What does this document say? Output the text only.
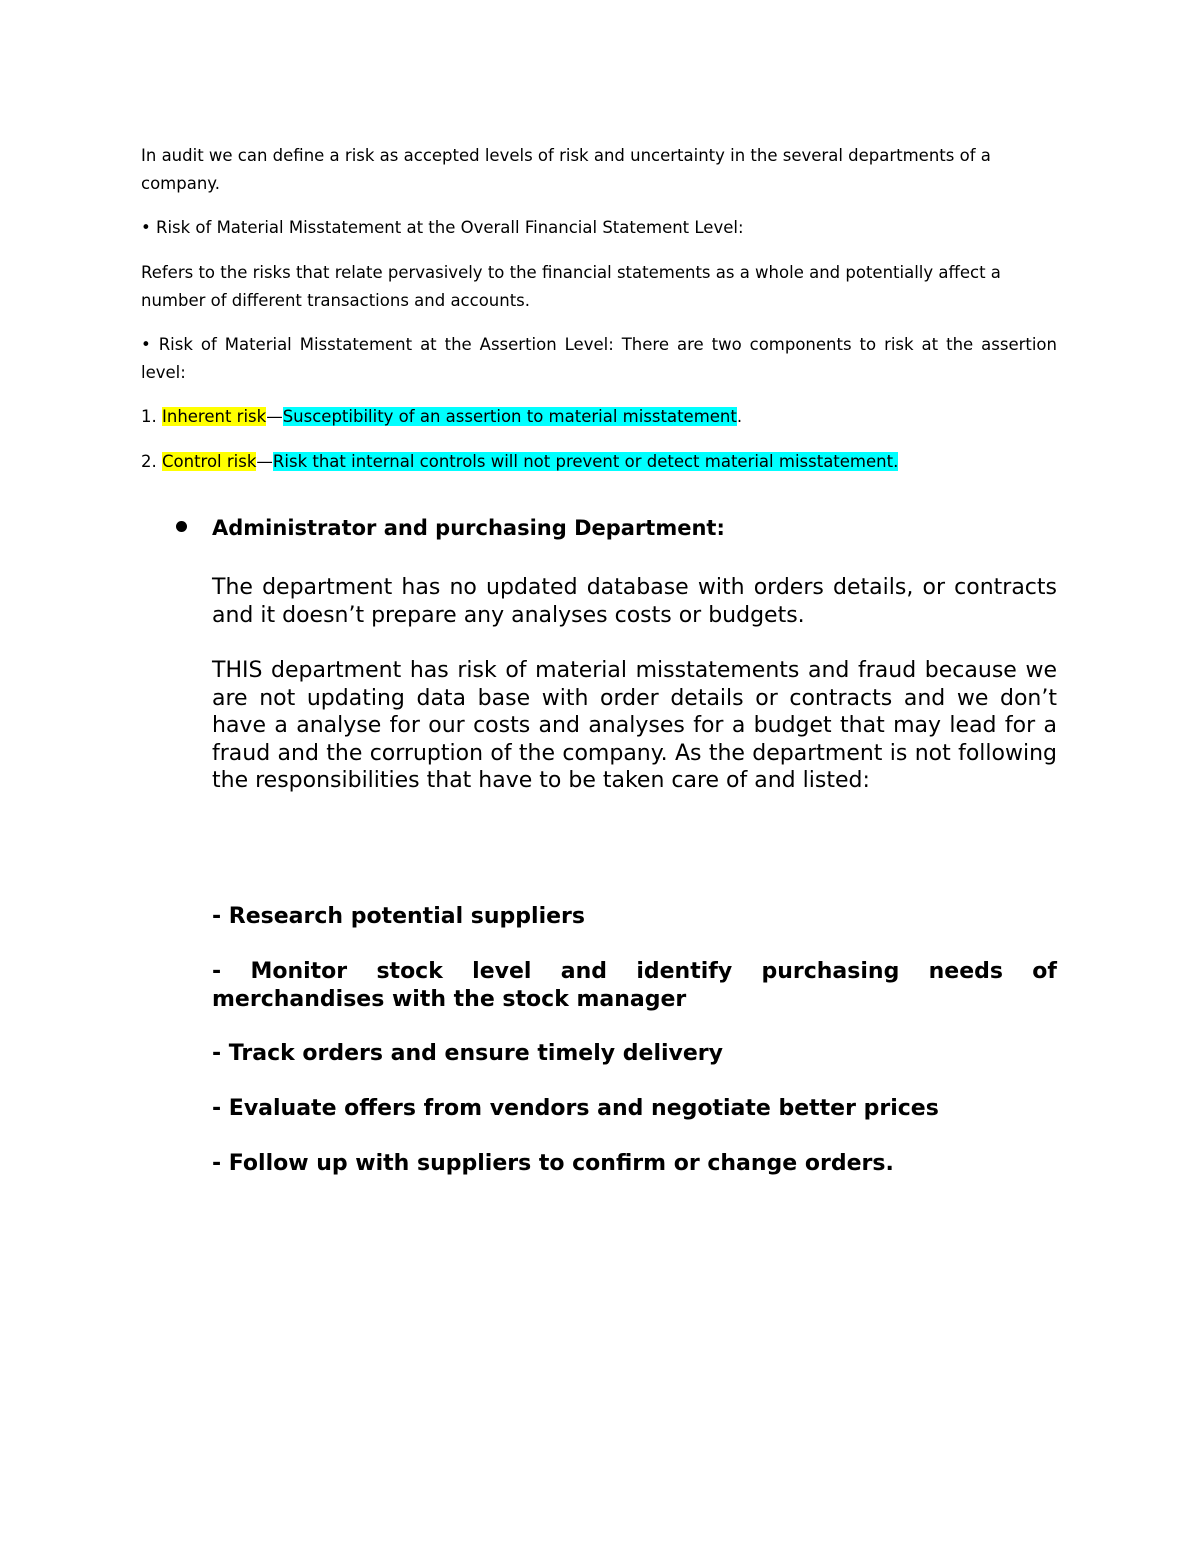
In audit we can define a risk as accepted levels of risk and uncertainty in the several departments of a company.

• Risk of Material Misstatement at the Overall Financial Statement Level:

Refers to the risks that relate pervasively to the financial statements as a whole and potentially affect a number of different transactions and accounts.

• Risk of Material Misstatement at the Assertion Level: There are two components to risk at the assertion level:

1. Inherent risk—Susceptibility of an assertion to material misstatement.

2. Control risk—Risk that internal controls will not prevent or detect material misstatement.

Administrator and purchasing Department:

The department has no updated database with orders details, or contracts and it doesn’t prepare any analyses costs or budgets.

THIS department has risk of material misstatements and fraud because we are not updating data base with order details or contracts and we don’t have a analyse for our costs and analyses for a budget that may lead for a fraud and the corruption of the company. As the department is not following the responsibilities that have to be taken care of and listed:

- Research potential suppliers

- Monitor stock level and identify purchasing needs of merchandises with the stock manager

- Track orders and ensure timely delivery

- Evaluate offers from vendors and negotiate better prices

- Follow up with suppliers to confirm or change orders.
